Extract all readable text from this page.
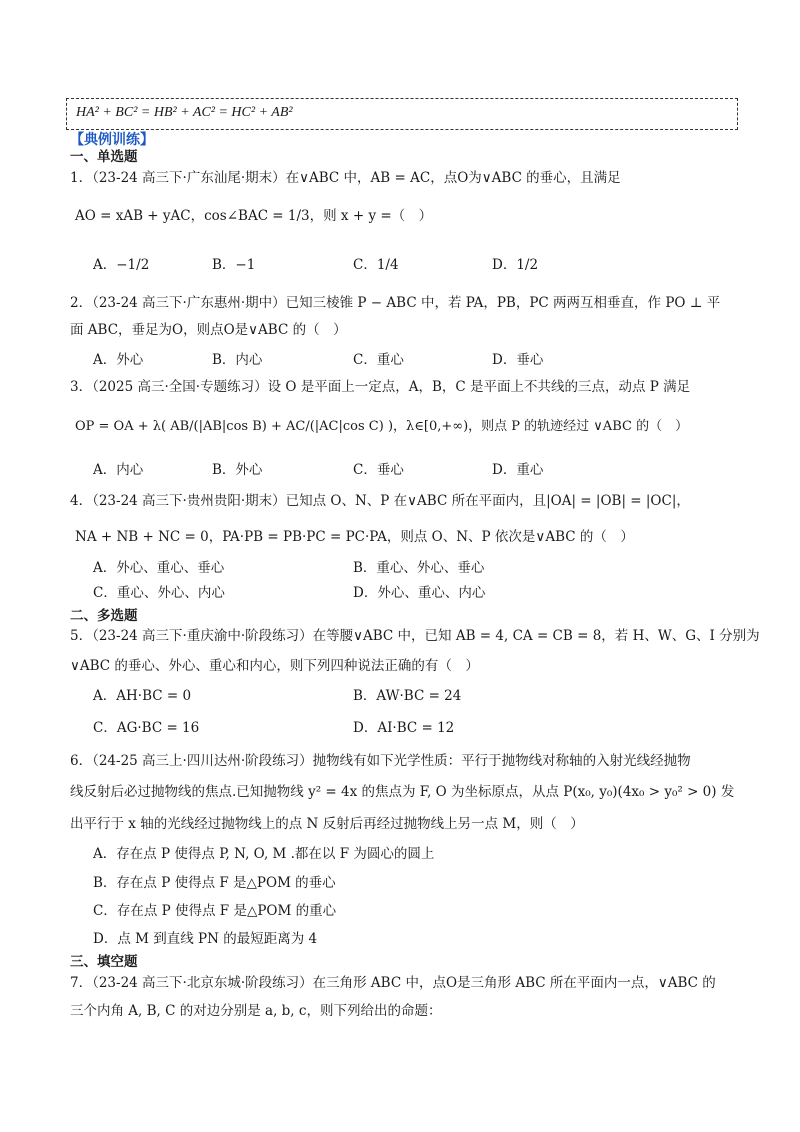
HA² + BC² = HB² + AC² = HC² + AB²
【典例训练】
一、单选题
1．（23-24 高三下·广东汕尾·期末）在∨ABC 中，AB = AC，点O为∨ABC 的垂心，且满足
AO = xAB + yAC，cos∠BAC = 1/3，则 x + y =（　）
A．−1/2	B．−1	C．1/4	D．1/2
2．（23-24 高三下·广东惠州·期中）已知三棱锥 P − ABC 中，若 PA，PB，PC 两两互相垂直，作 PO ⊥ 平
面 ABC，垂足为O，则点O是∨ABC 的（　）
A．外心	B．内心	C．重心	D．垂心
3．（2025 高三·全国·专题练习）设 O 是平面上一定点，A，B，C 是平面上不共线的三点，动点 P 满足
OP = OA + λ( AB/(|AB|cos B) + AC/(|AC|cos C) )，λ∈[0,+∞)，则点 P 的轨迹经过 ∨ABC 的（　）
A．内心	B．外心	C．垂心	D．重心
4．（23-24 高三下·贵州贵阳·期末）已知点 O、N、P 在∨ABC 所在平面内，且|OA| = |OB| = |OC|，
NA + NB + NC = 0，PA·PB = PB·PC = PC·PA，则点 O、N、P 依次是∨ABC 的（　）
A．外心、重心、垂心	B．重心、外心、垂心
C．重心、外心、内心	D．外心、重心、内心
二、多选题
5．（23-24 高三下·重庆渝中·阶段练习）在等腰∨ABC 中，已知 AB = 4, CA = CB = 8，若 H、W、G、I 分别为
∨ABC 的垂心、外心、重心和内心，则下列四种说法正确的有（　）
A．AH·BC = 0	B．AW·BC = 24
C．AG·BC = 16	D．AI·BC = 12
6．（24-25 高三上·四川达州·阶段练习）抛物线有如下光学性质：平行于抛物线对称轴的入射光线经抛物
线反射后必过抛物线的焦点.已知抛物线 y² = 4x 的焦点为 F, O 为坐标原点，从点 P(x₀, y₀)(4x₀ > y₀² > 0) 发
出平行于 x 轴的光线经过抛物线上的点 N 反射后再经过抛物线上另一点 M，则（　）
A．存在点 P 使得点 P, N, O, M .都在以 F 为圆心的圆上
B．存在点 P 使得点 F 是△POM 的垂心
C．存在点 P 使得点 F 是△POM 的重心
D．点 M 到直线 PN 的最短距离为 4
三、填空题
7．（23-24 高三下·北京东城·阶段练习）在三角形 ABC 中，点O是三角形 ABC 所在平面内一点，∨ABC 的
三个内角 A, B, C 的对边分别是 a, b, c，则下列给出的命题：
